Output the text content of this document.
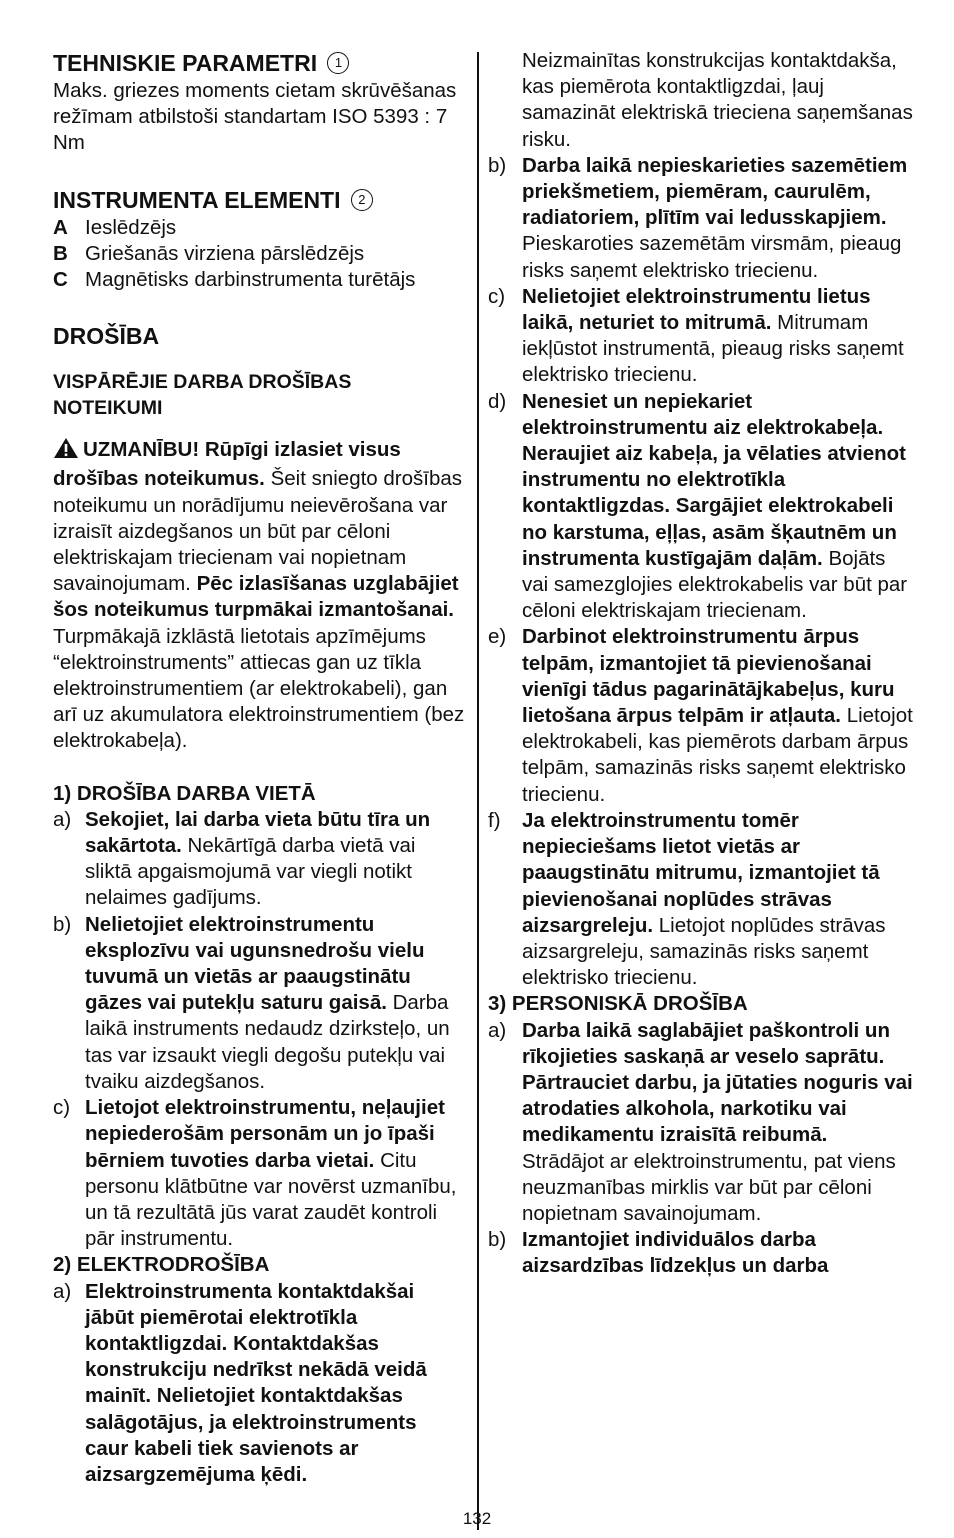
TEHNISKIE PARAMETRI 1

Maks. griezes moments cietam skrūvēšanas režīmam atbilstoši standartam ISO 5393 : 7 Nm

INSTRUMENTA ELEMENTI 2
A Ieslēdzējs
B Griešanās virziena pārslēdzējs
C Magnētisks darbinstrumenta turētājs
DROŠĪBA
VISPĀRĒJIE DARBA DROŠĪBAS NOTEIKUMI

UZMANĪBU! Rūpīgi izlasiet visus drošības noteikumus. Šeit sniegto drošības noteikumu un norādījumu neievērošana var izraisīt aizdegšanos un būt par cēloni elektriskajam triecienam vai nopietnam savainojumam. Pēc izlasīšanas uzglabājiet šos noteikumus turpmākai izmantošanai. Turpmākajā izklāstā lietotais apzīmējums “elektroinstruments” attiecas gan uz tīkla elektroinstrumentiem (ar elektrokabeli), gan arī uz akumulatora elektroinstrumentiem (bez elektrokabeļa).

1) DROŠĪBA DARBA VIETĀ
a) Sekojiet, lai darba vieta būtu tīra un sakārtota. Nekārtīgā darba vietā vai sliktā apgaismojumā var viegli notikt nelaimes gadījums.
b) Nelietojiet elektroinstrumentu eksplozīvu vai ugunsnedrošu vielu tuvumā un vietās ar paaugstinātu gāzes vai putekļu saturu gaisā. Darba laikā instruments nedaudz dzirksteļo, un tas var izsaukt viegli degošu putekļu vai tvaiku aizdegšanos.
c) Lietojot elektroinstrumentu, neļaujiet nepiederošām personām un jo īpaši bērniem tuvoties darba vietai. Citu personu klātbūtne var novērst uzmanību, un tā rezultātā jūs varat zaudēt kontroli pār instrumentu.
2) ELEKTRODROŠĪBA
a) Elektroinstrumenta kontaktdakšai jābūt piemērotai elektrotīkla kontaktligzdai. Kontaktdakšas konstrukciju nedrīkst nekādā veidā mainīt. Nelietojiet kontaktdakšas salāgotājus, ja elektroinstruments caur kabeli tiek savienots ar aizsargzemējuma ķēdi.
Neizmainītas konstrukcijas kontaktdakša, kas piemērota kontaktligzdai, ļauj samazināt elektriskā trieciena saņemšanas risku.
b) Darba laikā nepieskarieties sazemētiem priekšmetiem, piemēram, caurulēm, radiatoriem, plītīm vai ledusskapjiem. Pieskaroties sazemētām virsmām, pieaug risks saņemt elektrisko triecienu.
c) Nelietojiet elektroinstrumentu lietus laikā, neturiet to mitrumā. Mitrumam iekļūstot instrumentā, pieaug risks saņemt elektrisko triecienu.
d) Nenesiet un nepiekariet elektroinstrumentu aiz elektrokabeļa. Neraujiet aiz kabeļa, ja vēlaties atvienot instrumentu no elektrotīkla kontaktligzdas. Sargājiet elektrokabeli no karstuma, eļļas, asām šķautnēm un instrumenta kustīgajām daļām. Bojāts vai samezglojies elektrokabelis var būt par cēloni elektriskajam triecienam.
e) Darbinot elektroinstrumentu ārpus telpām, izmantojiet tā pievienošanai vienīgi tādus pagarinātājkabeļus, kuru lietošana ārpus telpām ir atļauta. Lietojot elektrokabeli, kas piemērots darbam ārpus telpām, samazinās risks saņemt elektrisko triecienu.
f)	Ja elektroinstrumentu tomēr nepieciešams lietot vietās ar paaugstinātu mitrumu, izmantojiet tā pievienošanai noplūdes strāvas aizsargreleju. Lietojot noplūdes strāvas aizsargreleju, samazinās risks saņemt elektrisko triecienu.
3) PERSONISKĀ DROŠĪBA
a) Darba laikā saglabājiet paškontroli un rīkojieties saskaņā ar veselo saprātu. Pārtrauciet darbu, ja jūtaties noguris vai atrodaties alkohola, narkotiku vai medikamentu izraisītā reibumā. Strādājot ar elektroinstrumentu, pat viens neuzmanības mirklis var būt par cēloni nopietnam savainojumam.
b) Izmantojiet individuālos darba aizsardzības līdzekļus un darba
132
